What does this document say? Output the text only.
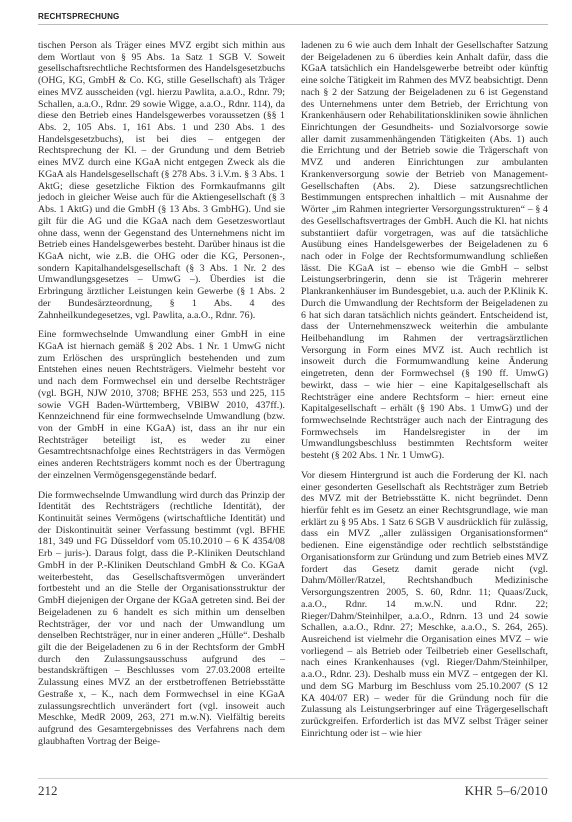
RECHTSPRECHUNG

tischen Person als Träger eines MVZ ergibt sich mithin aus dem Wortlaut von § 95 Abs. 1a Satz 1 SGB V. Soweit gesellschaftsrechtliche Rechtsformen des Handelsgesetzbuchs (OHG, KG, GmbH & Co. KG, stille Gesellschaft) als Träger eines MVZ ausscheiden (vgl. hierzu Pawlita, a.a.O., Rdnr. 79; Schallen, a.a.O., Rdnr. 29 sowie Wigge, a.a.O., Rdnr. 114), da diese den Betrieb eines Handelsgewerbes voraussetzen (§§ 1 Abs. 2, 105 Abs. 1, 161 Abs. 1 und 230 Abs. 1 des Handelsgesetzbuchs), ist bei dies – entgegen der Rechtsprechung der Kl. – der Grundung und dem Betrieb eines MVZ durch eine KGaA nicht entgegen Zweck als die KGaA als Handelsgesellschaft (§ 278 Abs. 3 i.V.m. § 3 Abs. 1 AktG; diese gesetzliche Fiktion des Formkaufmanns gilt jedoch in gleicher Weise auch für die Aktiengesellschaft (§ 3 Abs. 1 AktG) und die GmbH (§ 13 Abs. 3 GmbHG). Und sie gilt für die AG und die KGaA nach dem Gesetzeswortlaut ohne dass, wenn der Gegenstand des Unternehmens nicht im Betrieb eines Handelsgewerbes besteht. Darüber hinaus ist die KGaA nicht, wie z.B. die OHG oder die KG, Personen-, sondern Kapitalhandelsgesellschaft (§ 3 Abs. 1 Nr. 2 des Umwandlungsgesetzes – UmwG –). Überdies ist die Erbringung ärztlicher Leistungen kein Gewerbe (§ 1 Abs. 2 der Bundesärzteordnung, § 1 Abs. 4 des Zahnheilkundegesetzes, vgl. Pawlita, a.a.O., Rdnr. 76).

Eine formwechselnde Umwandlung einer GmbH in eine KGaA ist hiernach gemäß § 202 Abs. 1 Nr. 1 UmwG nicht zum Erlöschen des ursprünglich bestehenden und zum Entstehen eines neuen Rechtsträgers. Vielmehr besteht vor und nach dem Formwechsel ein und derselbe Rechtsträger (vgl. BGH, NJW 2010, 3708; BFHE 253, 553 und 225, 115 sowie VGH Baden-Württemberg, VBlBW 2010, 437ff.). Kennzeichnend für eine formwechselnde Umwandlung (bzw. von der GmbH in eine KGaA) ist, dass an ihr nur ein Rechtsträger beteiligt ist, es weder zu einer Gesamtrechtsnachfolge eines Rechtsträgers in das Vermögen eines anderen Rechtsträgers kommt noch es der Übertragung der einzelnen Vermögensgegenstände bedarf.

Die formwechselnde Umwandlung wird durch das Prinzip der Identität des Rechtsträgers (rechtliche Identität), der Kontinuität seines Vermögens (wirtschaftliche Identität) und der Diskontinuität seiner Verfassung bestimmt (vgl. BFHE 181, 349 und FG Düsseldorf vom 05.10.2010 – 6 K 4354/08 Erb – juris-). Daraus folgt, dass die P.-Kliniken Deutschland GmbH in der P.-Kliniken Deutschland GmbH & Co. KGaA weiterbesteht, das Gesellschaftsvermögen unverändert fortbesteht und an die Stelle der Organisationsstruktur der GmbH diejenigen der Organe der KGaA getreten sind. Bei der Beigeladenen zu 6 handelt es sich mithin um denselben Rechtsträger, der vor und nach der Umwandlung um denselben Rechtsträger, nur in einer anderen „Hülle“. Deshalb gilt die der Beigeladenen zu 6 in der Rechtsform der GmbH durch den Zulassungsausschuss aufgrund des – bestandskräftigen – Beschlusses vom 27.03.2008 erteilte Zulassung eines MVZ an der erstbetroffenen Betriebsstätte Gestraße x, – K., nach dem Formwechsel in eine KGaA zulassungsrechtlich unverändert fort (vgl. insoweit auch Meschke, MedR 2009, 263, 271 m.w.N). Vielfältig bereits aufgrund des Gesamtergebnisses des Verfahrens nach dem glaubhaften Vortrag der Beige-

ladenen zu 6 wie auch dem Inhalt der Gesellschafter Satzung der Beigeladenen zu 6 überdies kein Anhalt dafür, dass die KGaA tatsächlich ein Handelsgewerbe betreibt oder künftig eine solche Tätigkeit im Rahmen des MVZ beabsichtigt. Denn nach § 2 der Satzung der Beigeladenen zu 6 ist Gegenstand des Unternehmens unter dem Betrieb, der Errichtung von Krankenhäusern oder Rehabilitationskliniken sowie ähnlichen Einrichtungen der Gesundheits- und Sozialvorsorge sowie aller damit zusammenhängenden Tätigkeiten (Abs. 1) auch die Errichtung und der Betrieb sowie die Trägerschaft von MVZ und anderen Einrichtungen zur ambulanten Krankenversorgung sowie der Betrieb von Management-Gesellschaften (Abs. 2). Diese satzungsrechtlichen Bestimmungen entsprechen inhaltlich – mit Ausnahme der Wörter „im Rahmen integrierter Versorgungsstrukturen“ – § 4 des Gesellschaftsvertrages der GmbH. Auch die Kl. hat nichts substantiiert dafür vorgetragen, was auf die tatsächliche Ausübung eines Handelsgewerbes der Beigeladenen zu 6 nach oder in Folge der Rechtsformumwandlung schließen lässt. Die KGaA ist – ebenso wie die GmbH – selbst Leistungserbringerin, denn sie ist Trägerin mehrerer Plankrankenhäuser im Bundesgebiet, u.a. auch der P.Klinik K. Durch die Umwandlung der Rechtsform der Beigeladenen zu 6 hat sich daran tatsächlich nichts geändert. Entscheidend ist, dass der Unternehmenszweck weiterhin die ambulante Heilbehandlung im Rahmen der vertragsärztlichen Versorgung in Form eines MVZ ist. Auch rechtlich ist insoweit durch die Formumwandlung keine Änderung eingetreten, denn der Formwechsel (§ 190 ff. UmwG) bewirkt, dass – wie hier – eine Kapitalgesellschaft als Rechtsträger eine andere Rechtsform – hier: erneut eine Kapitalgesellschaft – erhält (§ 190 Abs. 1 UmwG) und der formwechselnde Rechtsträger auch nach der Eintragung des Formwechsels im Handelsregister in der im Umwandlungsbeschluss bestimmten Rechtsform weiter besteht (§ 202 Abs. 1 Nr. 1 UmwG).

Vor diesem Hintergrund ist auch die Forderung der Kl. nach einer gesonderten Gesellschaft als Rechtsträger zum Betrieb des MVZ mit der Betriebsstätte K. nicht begründet. Denn hierfür fehlt es im Gesetz an einer Rechtsgrundlage, wie man erklärt zu § 95 Abs. 1 Satz 6 SGB V ausdrücklich für zulässig, dass ein MVZ „aller zulässigen Organisationsformen“ bedienen. Eine eigenständige oder rechtlich selbstständige Organisationsform zur Gründung und zum Betrieb eines MVZ fordert das Gesetz damit gerade nicht (vgl. Dahm/Möller/Ratzel, Rechtshandbuch Medizinische Versorgungszentren 2005, S. 60, Rdnr. 11; Quaas/Zuck, a.a.O., Rdnr. 14 m.w.N. und Rdnr. 22; Rieger/Dahm/Steinhilper, a.a.O., Rdnrn. 13 und 24 sowie Schallen, a.a.O., Rdnr. 27; Meschke, a.a.O., S. 264, 265). Ausreichend ist vielmehr die Organisation eines MVZ – wie vorliegend – als Betrieb oder Teilbetrieb einer Gesellschaft, nach eines Krankenhauses (vgl. Rieger/Dahm/Steinhilper, a.a.O., Rdnr. 23). Deshalb muss ein MVZ – entgegen der Kl. und dem SG Marburg im Beschluss vom 25.10.2007 (S 12 KA 404/07 ER) – weder für die Gründung noch für die Zulassung als Leistungserbringer auf eine Trägergesellschaft zurückgreifen. Erforderlich ist das MVZ selbst Träger seiner Einrichtung oder ist – wie hier

212	KHR 5–6/2010
